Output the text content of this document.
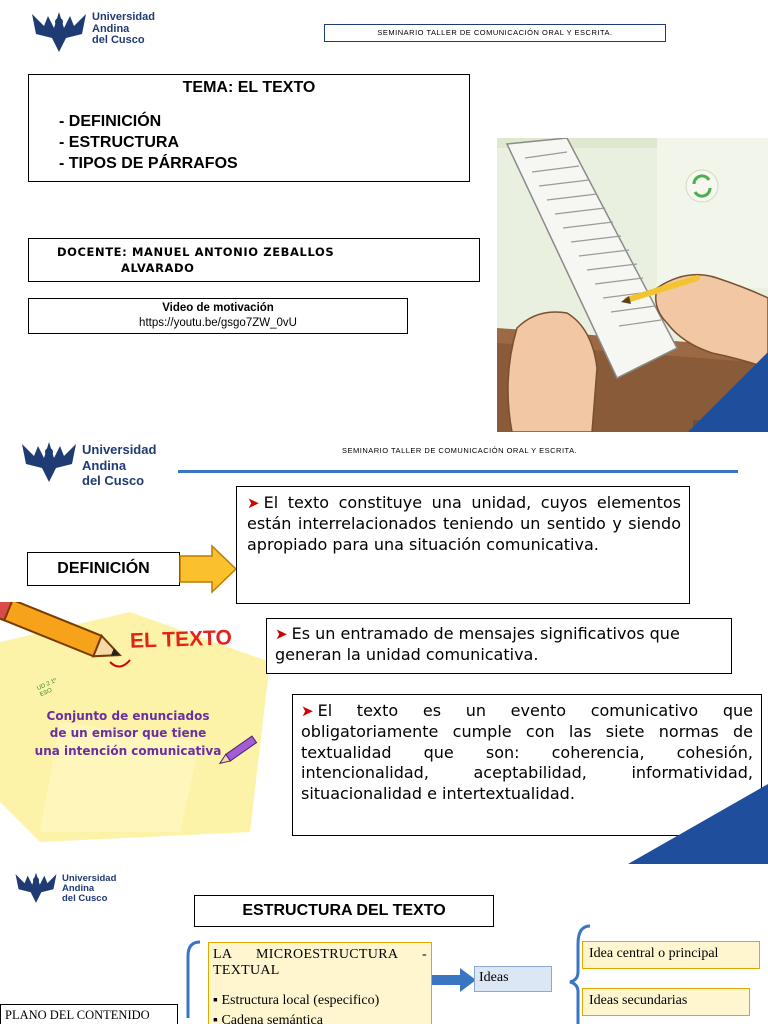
Universidad
Andina
del Cusco
SEMINARIO TALLER DE COMUNICACIÓN ORAL Y ESCRITA.
TEMA: EL TEXTO
- DEFINICIÓN
- ESTRUCTURA
- TIPOS DE PÁRRAFOS
DOCENTE: MANUEL ANTONIO ZEBALLOS
ALVARADO
Video de motivación
https://youtu.be/gsgo7ZW_0vU
Universidad
Andina
del Cusco
SEMINARIO TALLER DE COMUNICACIÓN ORAL Y ESCRITA.
DEFINICIÓN
➤ El texto constituye una unidad, cuyos elementos están interrelacionados teniendo un sentido y siendo apropiado para una situación comunicativa.
EL TEXTO
UD 2 1º ESO
Conjunto de enunciados
de un emisor que tiene
una intención comunicativa
➤ Es un entramado de mensajes significativos que generan la unidad comunicativa.
➤ El texto es un evento comunicativo que obligatoriamente cumple con las siete normas de textualidad que son: coherencia, cohesión, intencionalidad, aceptabilidad, informatividad, situacionalidad e intertextualidad.
Universidad
Andina
del Cusco
ESTRUCTURA DEL TEXTO
LA MICROESTRUCTURA - TEXTUAL
▪ Estructura local (especifico)
▪ Cadena semántica
PLANO DEL CONTENIDO
Ideas
Idea central o principal
Ideas secundarias
